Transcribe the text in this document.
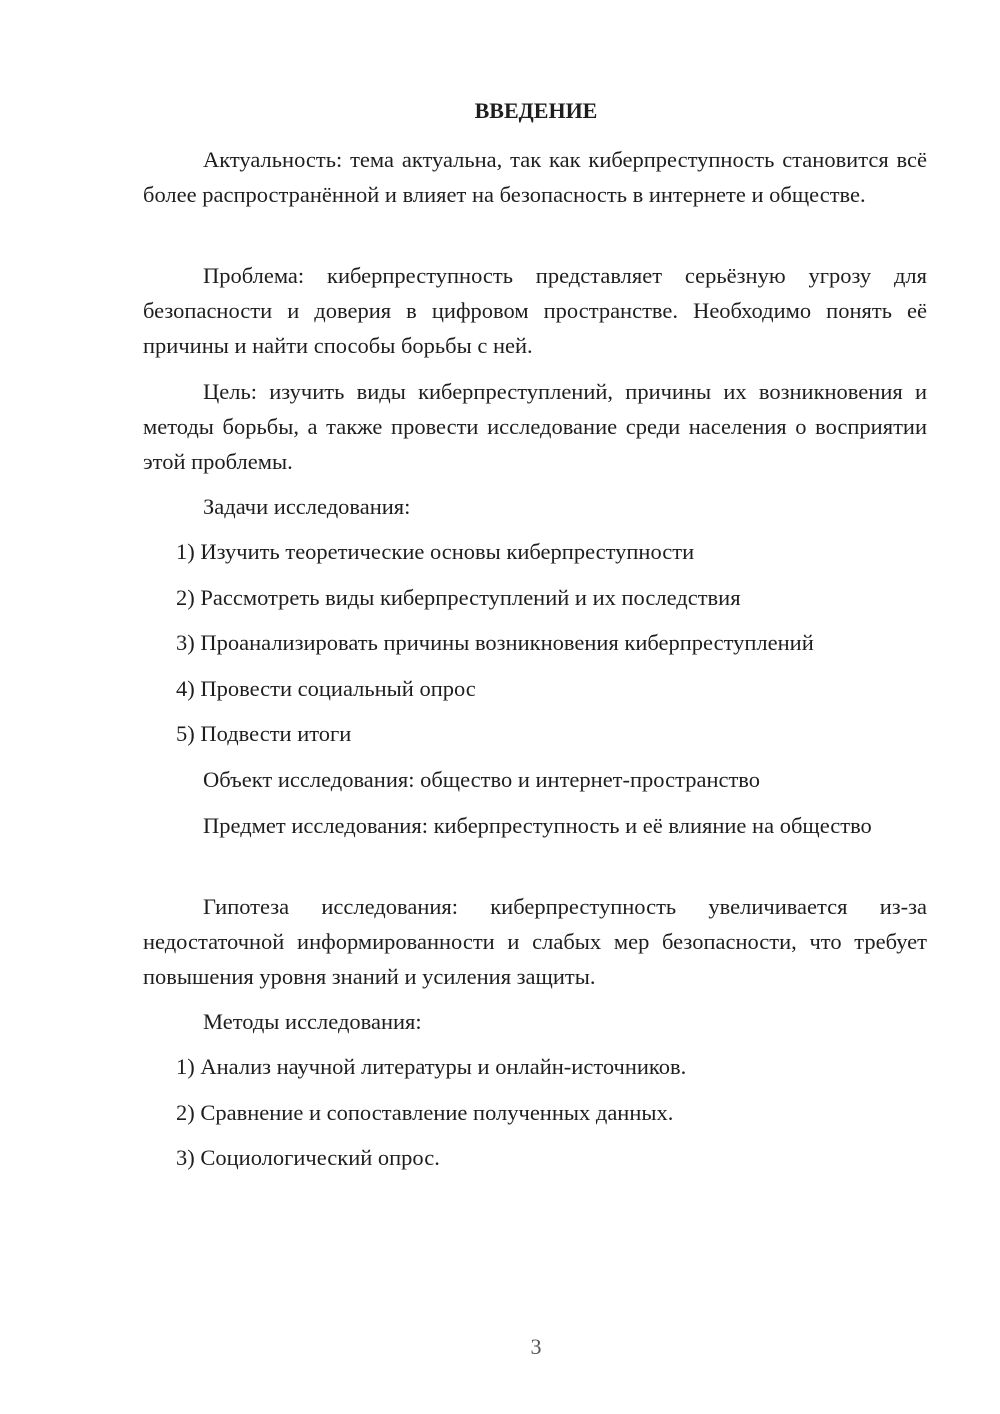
ВВЕДЕНИЕ

Актуальность: тема актуальна, так как киберпреступность становится всё более распространённой и влияет на безопасность в интернете и обществе.

Проблема: киберпреступность представляет серьёзную угрозу для безопасности и доверия в цифровом пространстве. Необходимо понять её причины и найти способы борьбы с ней.

Цель: изучить виды киберпреступлений, причины их возникновения и методы борьбы, а также провести исследование среди населения о восприятии этой проблемы.

Задачи исследования:

1) Изучить теоретические основы киберпреступности

2) Рассмотреть виды киберпреступлений и их последствия

3) Проанализировать причины возникновения киберпреступлений

4) Провести социальный опрос

5) Подвести итоги

Объект исследования: общество и интернет-пространство

Предмет исследования: киберпреступность и её влияние на общество

Гипотеза исследования: киберпреступность увеличивается из-за недостаточной информированности и слабых мер безопасности, что требует повышения уровня знаний и усиления защиты.

Методы исследования:

1) Анализ научной литературы и онлайн-источников.

2) Сравнение и сопоставление полученных данных.

3) Социологический опрос.

3
